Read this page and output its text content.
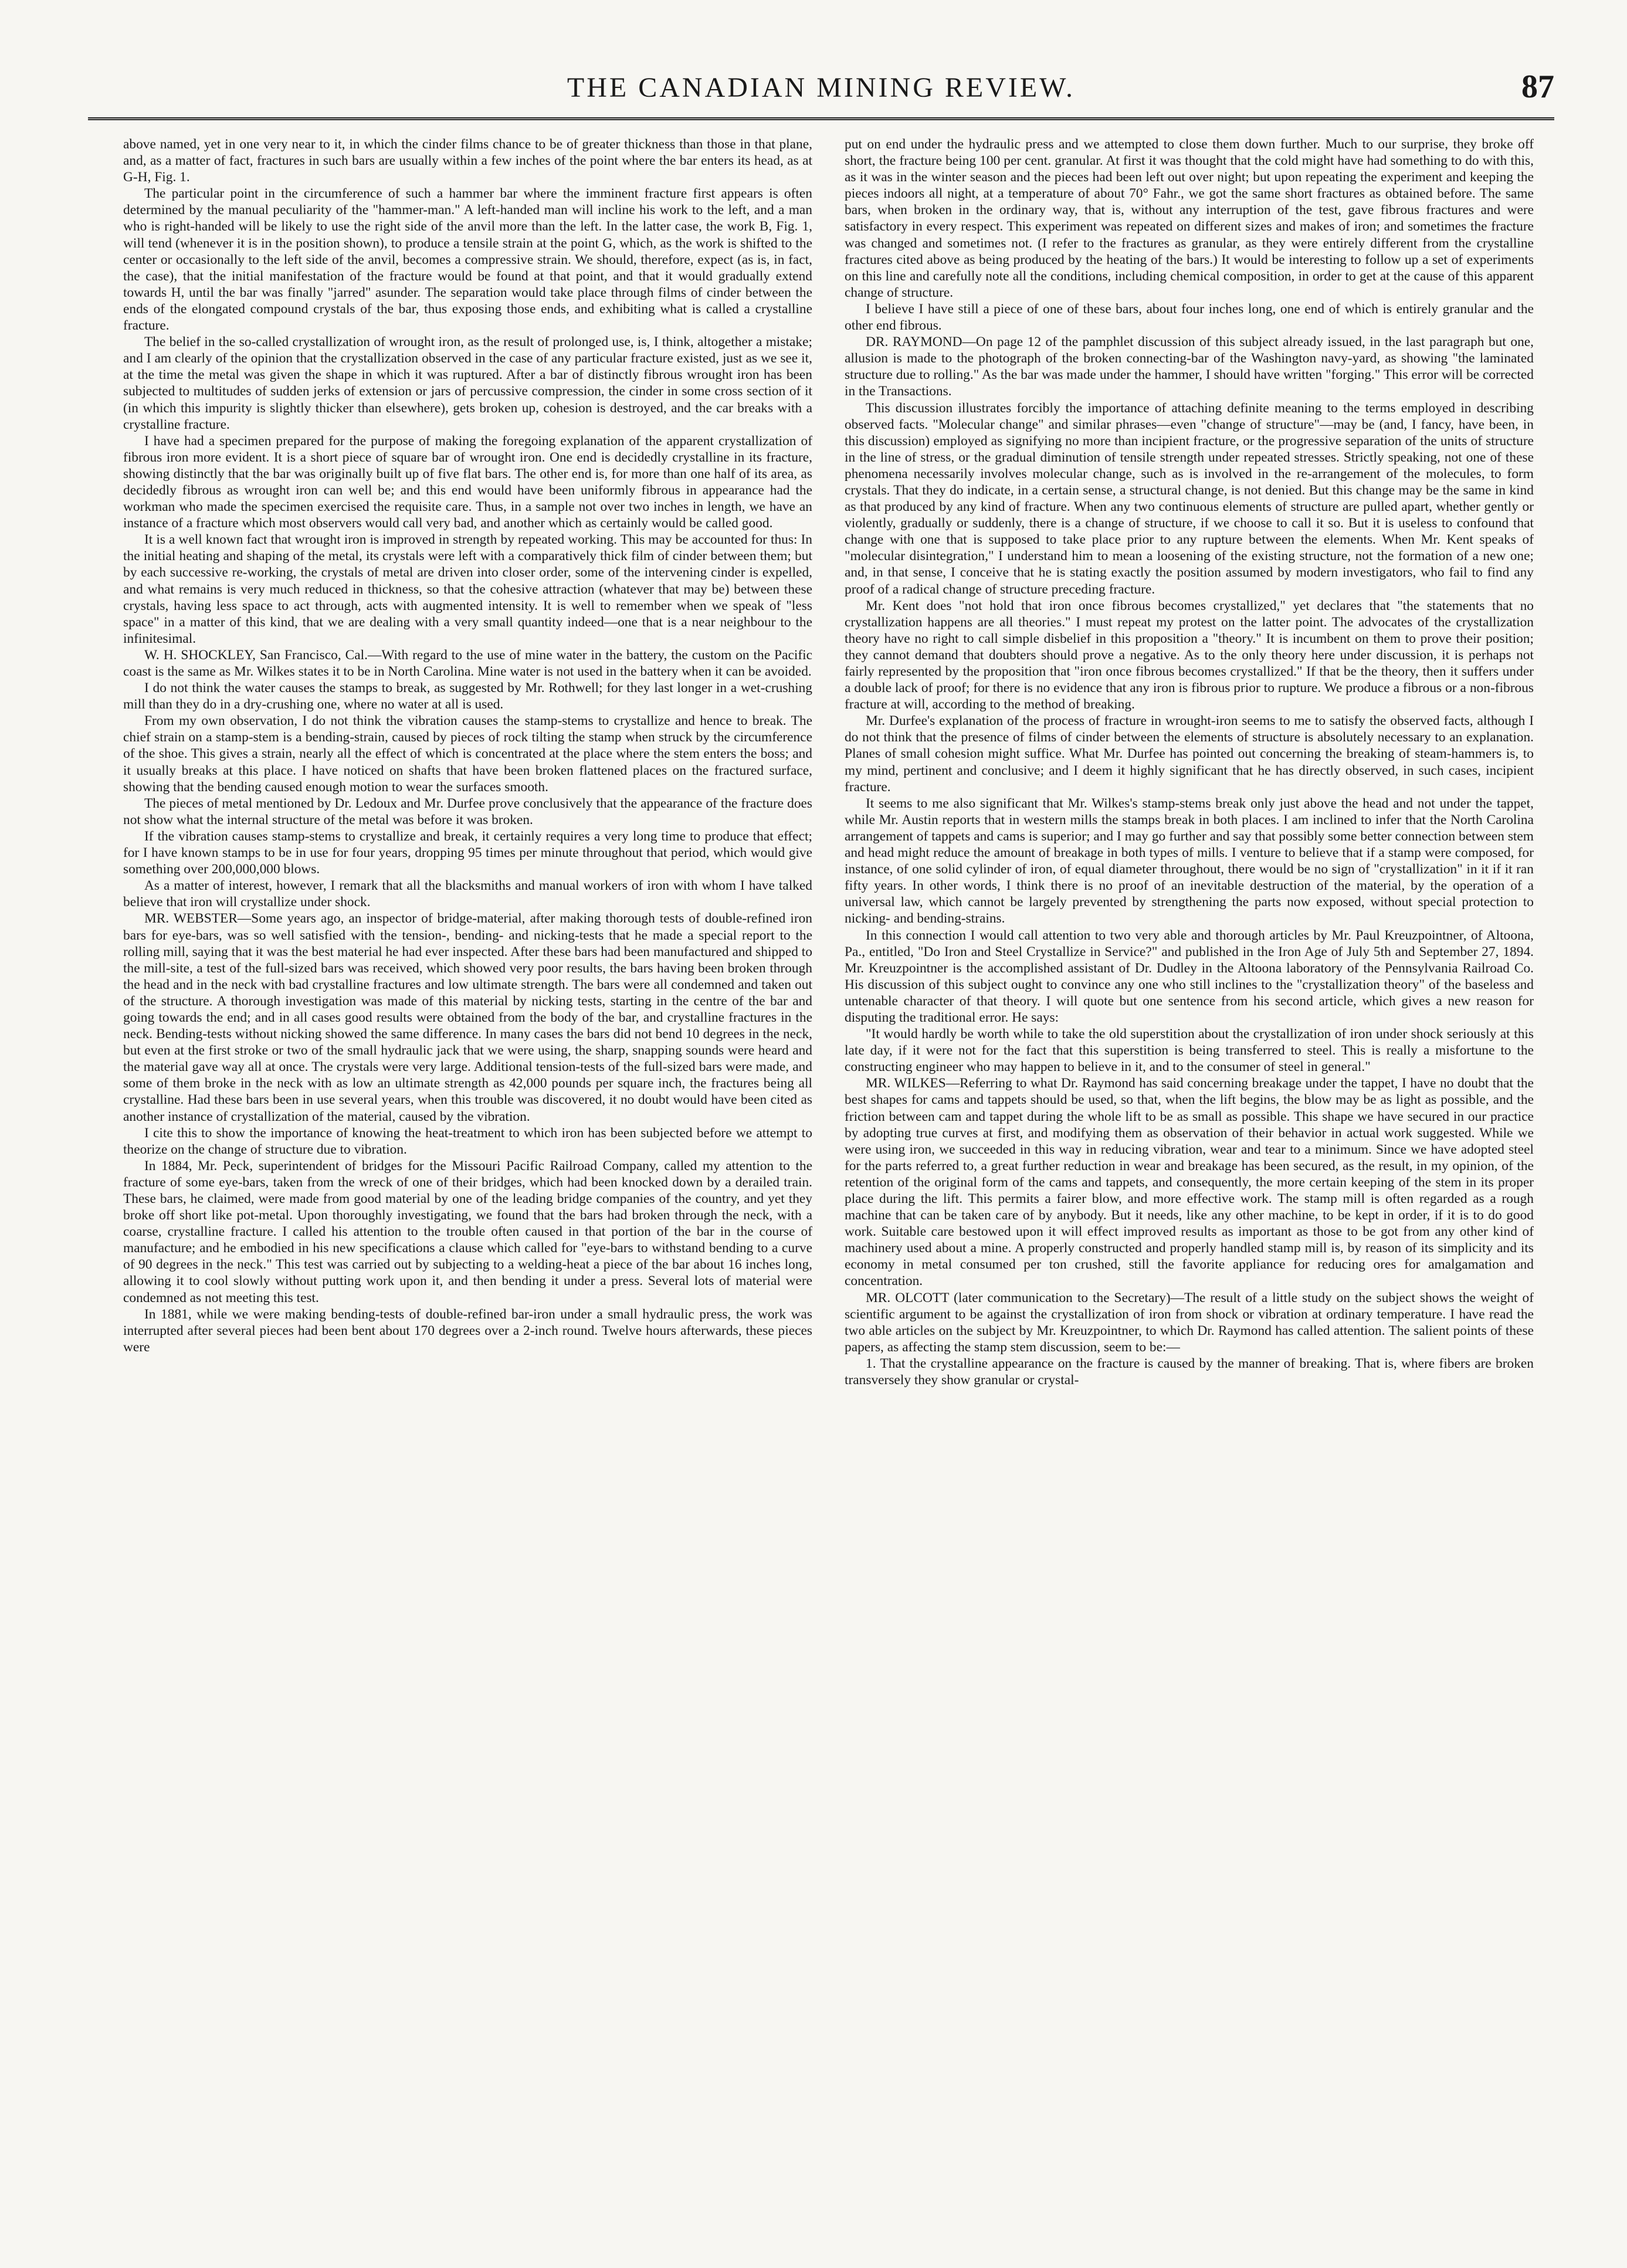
THE CANADIAN MINING REVIEW.	87

above named, yet in one very near to it, in which the cinder films chance to be of greater thickness than those in that plane, and, as a matter of fact, fractures in such bars are usually within a few inches of the point where the bar enters its head, as at G-H, Fig. 1.

The particular point in the circumference of such a hammer bar where the imminent fracture first appears is often determined by the manual peculiarity of the "hammer-man." A left-handed man will incline his work to the left, and a man who is right-handed will be likely to use the right side of the anvil more than the left. In the latter case, the work B, Fig. 1, will tend (whenever it is in the position shown), to produce a tensile strain at the point G, which, as the work is shifted to the center or occasionally to the left side of the anvil, becomes a compressive strain. We should, therefore, expect (as is, in fact, the case), that the initial manifestation of the fracture would be found at that point, and that it would gradually extend towards H, until the bar was finally "jarred" asunder. The separation would take place through films of cinder between the ends of the elongated compound crystals of the bar, thus exposing those ends, and exhibiting what is called a crystalline fracture.

The belief in the so-called crystallization of wrought iron, as the result of prolonged use, is, I think, altogether a mistake; and I am clearly of the opinion that the crystallization observed in the case of any particular fracture existed, just as we see it, at the time the metal was given the shape in which it was ruptured. After a bar of distinctly fibrous wrought iron has been subjected to multitudes of sudden jerks of extension or jars of percussive compression, the cinder in some cross section of it (in which this impurity is slightly thicker than elsewhere), gets broken up, cohesion is destroyed, and the car breaks with a crystalline fracture.

I have had a specimen prepared for the purpose of making the foregoing explanation of the apparent crystallization of fibrous iron more evident. It is a short piece of square bar of wrought iron. One end is decidedly crystalline in its fracture, showing distinctly that the bar was originally built up of five flat bars. The other end is, for more than one half of its area, as decidedly fibrous as wrought iron can well be; and this end would have been uniformly fibrous in appearance had the workman who made the specimen exercised the requisite care. Thus, in a sample not over two inches in length, we have an instance of a fracture which most observers would call very bad, and another which as certainly would be called good.

It is a well known fact that wrought iron is improved in strength by repeated working. This may be accounted for thus: In the initial heating and shaping of the metal, its crystals were left with a comparatively thick film of cinder between them; but by each successive re-working, the crystals of metal are driven into closer order, some of the intervening cinder is expelled, and what remains is very much reduced in thickness, so that the cohesive attraction (whatever that may be) between these crystals, having less space to act through, acts with augmented intensity. It is well to remember when we speak of "less space" in a matter of this kind, that we are dealing with a very small quantity indeed—one that is a near neighbour to the infinitesimal.

W. H. SHOCKLEY, San Francisco, Cal.—With regard to the use of mine water in the battery, the custom on the Pacific coast is the same as Mr. Wilkes states it to be in North Carolina. Mine water is not used in the battery when it can be avoided.

I do not think the water causes the stamps to break, as suggested by Mr. Rothwell; for they last longer in a wet-crushing mill than they do in a dry-crushing one, where no water at all is used.

From my own observation, I do not think the vibration causes the stamp-stems to crystallize and hence to break. The chief strain on a stamp-stem is a bending-strain, caused by pieces of rock tilting the stamp when struck by the circumference of the shoe. This gives a strain, nearly all the effect of which is concentrated at the place where the stem enters the boss; and it usually breaks at this place. I have noticed on shafts that have been broken flattened places on the fractured surface, showing that the bending caused enough motion to wear the surfaces smooth.

The pieces of metal mentioned by Dr. Ledoux and Mr. Durfee prove conclusively that the appearance of the fracture does not show what the internal structure of the metal was before it was broken.

If the vibration causes stamp-stems to crystallize and break, it certainly requires a very long time to produce that effect; for I have known stamps to be in use for four years, dropping 95 times per minute throughout that period, which would give something over 200,000,000 blows.

As a matter of interest, however, I remark that all the blacksmiths and manual workers of iron with whom I have talked believe that iron will crystallize under shock.

MR. WEBSTER—Some years ago, an inspector of bridge-material, after making thorough tests of double-refined iron bars for eye-bars, was so well satisfied with the tension-, bending- and nicking-tests that he made a special report to the rolling mill, saying that it was the best material he had ever inspected. After these bars had been manufactured and shipped to the mill-site, a test of the full-sized bars was received, which showed very poor results, the bars having been broken through the head and in the neck with bad crystalline fractures and low ultimate strength. The bars were all condemned and taken out of the structure. A thorough investigation was made of this material by nicking tests, starting in the centre of the bar and going towards the end; and in all cases good results were obtained from the body of the bar, and crystalline fractures in the neck. Bending-tests without nicking showed the same difference. In many cases the bars did not bend 10 degrees in the neck, but even at the first stroke or two of the small hydraulic jack that we were using, the sharp, snapping sounds were heard and the material gave way all at once. The crystals were very large. Additional tension-tests of the full-sized bars were made, and some of them broke in the neck with as low an ultimate strength as 42,000 pounds per square inch, the fractures being all crystalline. Had these bars been in use several years, when this trouble was discovered, it no doubt would have been cited as another instance of crystallization of the material, caused by the vibration.

I cite this to show the importance of knowing the heat-treatment to which iron has been subjected before we attempt to theorize on the change of structure due to vibration.

In 1884, Mr. Peck, superintendent of bridges for the Missouri Pacific Railroad Company, called my attention to the fracture of some eye-bars, taken from the wreck of one of their bridges, which had been knocked down by a derailed train. These bars, he claimed, were made from good material by one of the leading bridge companies of the country, and yet they broke off short like pot-metal. Upon thoroughly investigating, we found that the bars had broken through the neck, with a coarse, crystalline fracture. I called his attention to the trouble often caused in that portion of the bar in the course of manufacture; and he embodied in his new specifications a clause which called for "eye-bars to withstand bending to a curve of 90 degrees in the neck." This test was carried out by subjecting to a welding-heat a piece of the bar about 16 inches long, allowing it to cool slowly without putting work upon it, and then bending it under a press. Several lots of material were condemned as not meeting this test.

In 1881, while we were making bending-tests of double-refined bar-iron under a small hydraulic press, the work was interrupted after several pieces had been bent about 170 degrees over a 2-inch round. Twelve hours afterwards, these pieces were

put on end under the hydraulic press and we attempted to close them down further. Much to our surprise, they broke off short, the fracture being 100 per cent. granular. At first it was thought that the cold might have had something to do with this, as it was in the winter season and the pieces had been left out over night; but upon repeating the experiment and keeping the pieces indoors all night, at a temperature of about 70° Fahr., we got the same short fractures as obtained before. The same bars, when broken in the ordinary way, that is, without any interruption of the test, gave fibrous fractures and were satisfactory in every respect. This experiment was repeated on different sizes and makes of iron; and sometimes the fracture was changed and sometimes not. (I refer to the fractures as granular, as they were entirely different from the crystalline fractures cited above as being produced by the heating of the bars.) It would be interesting to follow up a set of experiments on this line and carefully note all the conditions, including chemical composition, in order to get at the cause of this apparent change of structure.

I believe I have still a piece of one of these bars, about four inches long, one end of which is entirely granular and the other end fibrous.

DR. RAYMOND—On page 12 of the pamphlet discussion of this subject already issued, in the last paragraph but one, allusion is made to the photograph of the broken connecting-bar of the Washington navy-yard, as showing "the laminated structure due to rolling." As the bar was made under the hammer, I should have written "forging." This error will be corrected in the Transactions.

This discussion illustrates forcibly the importance of attaching definite meaning to the terms employed in describing observed facts. "Molecular change" and similar phrases—even "change of structure"—may be (and, I fancy, have been, in this discussion) employed as signifying no more than incipient fracture, or the progressive separation of the units of structure in the line of stress, or the gradual diminution of tensile strength under repeated stresses. Strictly speaking, not one of these phenomena necessarily involves molecular change, such as is involved in the re-arrangement of the molecules, to form crystals. That they do indicate, in a certain sense, a structural change, is not denied. But this change may be the same in kind as that produced by any kind of fracture. When any two continuous elements of structure are pulled apart, whether gently or violently, gradually or suddenly, there is a change of structure, if we choose to call it so. But it is useless to confound that change with one that is supposed to take place prior to any rupture between the elements. When Mr. Kent speaks of "molecular disintegration," I understand him to mean a loosening of the existing structure, not the formation of a new one; and, in that sense, I conceive that he is stating exactly the position assumed by modern investigators, who fail to find any proof of a radical change of structure preceding fracture.

Mr. Kent does "not hold that iron once fibrous becomes crystallized," yet declares that "the statements that no crystallization happens are all theories." I must repeat my protest on the latter point. The advocates of the crystallization theory have no right to call simple disbelief in this proposition a "theory." It is incumbent on them to prove their position; they cannot demand that doubters should prove a negative. As to the only theory here under discussion, it is perhaps not fairly represented by the proposition that "iron once fibrous becomes crystallized." If that be the theory, then it suffers under a double lack of proof; for there is no evidence that any iron is fibrous prior to rupture. We produce a fibrous or a non-fibrous fracture at will, according to the method of breaking.

Mr. Durfee's explanation of the process of fracture in wrought-iron seems to me to satisfy the observed facts, although I do not think that the presence of films of cinder between the elements of structure is absolutely necessary to an explanation. Planes of small cohesion might suffice. What Mr. Durfee has pointed out concerning the breaking of steam-hammers is, to my mind, pertinent and conclusive; and I deem it highly significant that he has directly observed, in such cases, incipient fracture.

It seems to me also significant that Mr. Wilkes's stamp-stems break only just above the head and not under the tappet, while Mr. Austin reports that in western mills the stamps break in both places. I am inclined to infer that the North Carolina arrangement of tappets and cams is superior; and I may go further and say that possibly some better connection between stem and head might reduce the amount of breakage in both types of mills. I venture to believe that if a stamp were composed, for instance, of one solid cylinder of iron, of equal diameter throughout, there would be no sign of "crystallization" in it if it ran fifty years. In other words, I think there is no proof of an inevitable destruction of the material, by the operation of a universal law, which cannot be largely prevented by strengthening the parts now exposed, without special protection to nicking- and bending-strains.

In this connection I would call attention to two very able and thorough articles by Mr. Paul Kreuzpointner, of Altoona, Pa., entitled, "Do Iron and Steel Crystallize in Service?" and published in the Iron Age of July 5th and September 27, 1894. Mr. Kreuzpointner is the accomplished assistant of Dr. Dudley in the Altoona laboratory of the Pennsylvania Railroad Co. His discussion of this subject ought to convince any one who still inclines to the "crystallization theory" of the baseless and untenable character of that theory. I will quote but one sentence from his second article, which gives a new reason for disputing the traditional error. He says:

"It would hardly be worth while to take the old superstition about the crystallization of iron under shock seriously at this late day, if it were not for the fact that this superstition is being transferred to steel. This is really a misfortune to the constructing engineer who may happen to believe in it, and to the consumer of steel in general."

MR. WILKES—Referring to what Dr. Raymond has said concerning breakage under the tappet, I have no doubt that the best shapes for cams and tappets should be used, so that, when the lift begins, the blow may be as light as possible, and the friction between cam and tappet during the whole lift to be as small as possible. This shape we have secured in our practice by adopting true curves at first, and modifying them as observation of their behavior in actual work suggested. While we were using iron, we succeeded in this way in reducing vibration, wear and tear to a minimum. Since we have adopted steel for the parts referred to, a great further reduction in wear and breakage has been secured, as the result, in my opinion, of the retention of the original form of the cams and tappets, and consequently, the more certain keeping of the stem in its proper place during the lift. This permits a fairer blow, and more effective work. The stamp mill is often regarded as a rough machine that can be taken care of by anybody. But it needs, like any other machine, to be kept in order, if it is to do good work. Suitable care bestowed upon it will effect improved results as important as those to be got from any other kind of machinery used about a mine. A properly constructed and properly handled stamp mill is, by reason of its simplicity and its economy in metal consumed per ton crushed, still the favorite appliance for reducing ores for amalgamation and concentration.

MR. OLCOTT (later communication to the Secretary)—The result of a little study on the subject shows the weight of scientific argument to be against the crystallization of iron from shock or vibration at ordinary temperature. I have read the two able articles on the subject by Mr. Kreuzpointner, to which Dr. Raymond has called attention. The salient points of these papers, as affecting the stamp stem discussion, seem to be:—

1. That the crystalline appearance on the fracture is caused by the manner of breaking. That is, where fibers are broken transversely they show granular or crystal-
